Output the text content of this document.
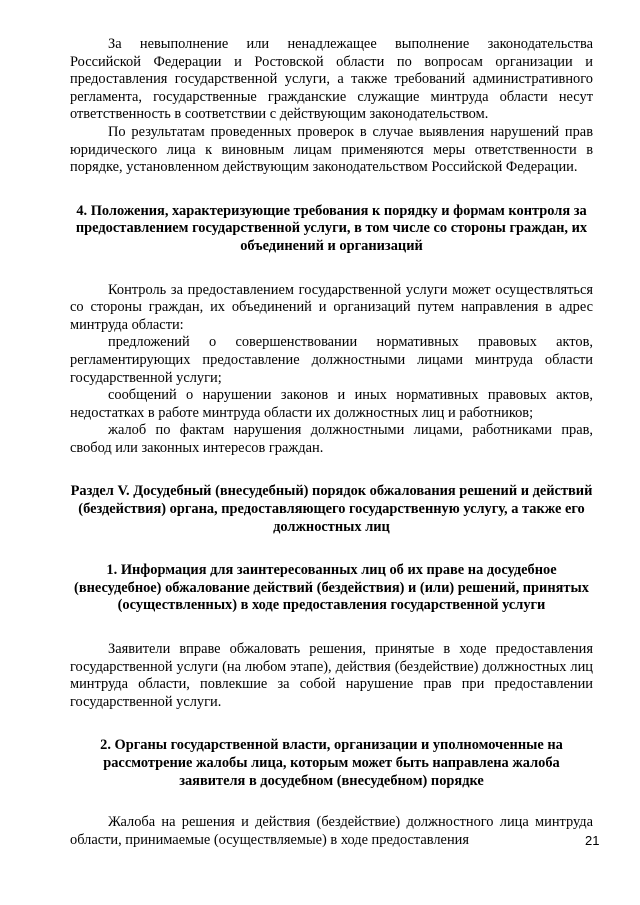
За невыполнение или ненадлежащее выполнение законодательства Российской Федерации и Ростовской области по вопросам организации и предоставления государственной услуги, а также требований административного регламента, государственные гражданские служащие минтруда области несут ответственность в соответствии с действующим законодательством.

По результатам проведенных проверок в случае выявления нарушений прав юридического лица к виновным лицам применяются меры ответственности в порядке, установленном действующим законодательством Российской Федерации.

4. Положения, характеризующие требования к порядку и формам контроля за предоставлением государственной услуги, в том числе со стороны граждан, их объединений и организаций

Контроль за предоставлением государственной услуги может осуществляться со стороны граждан, их объединений и организаций путем направления в адрес минтруда области:

предложений о совершенствовании нормативных правовых актов, регламентирующих предоставление должностными лицами минтруда области государственной услуги;

сообщений о нарушении законов и иных нормативных правовых актов, недостатках в работе минтруда области их должностных лиц и работников;

жалоб по фактам нарушения должностными лицами, работниками прав, свобод или законных интересов граждан.

Раздел V. Досудебный (внесудебный) порядок обжалования решений и действий (бездействия) органа, предоставляющего государственную услугу, а также его должностных лиц
1. Информация для заинтересованных лиц об их праве на досудебное (внесудебное) обжалование действий (бездействия) и (или) решений, принятых (осуществленных) в ходе предоставления государственной услуги

Заявители вправе обжаловать решения, принятые в ходе предоставления государственной услуги (на любом этапе), действия (бездействие) должностных лиц минтруда области, повлекшие за собой нарушение прав при предоставлении государственной услуги.

2. Органы государственной власти, организации и уполномоченные на рассмотрение жалобы лица, которым может быть направлена жалоба заявителя в досудебном (внесудебном) порядке

Жалоба на решения и действия (бездействие) должностного лица минтруда области, принимаемые (осуществляемые) в ходе предоставления	21
